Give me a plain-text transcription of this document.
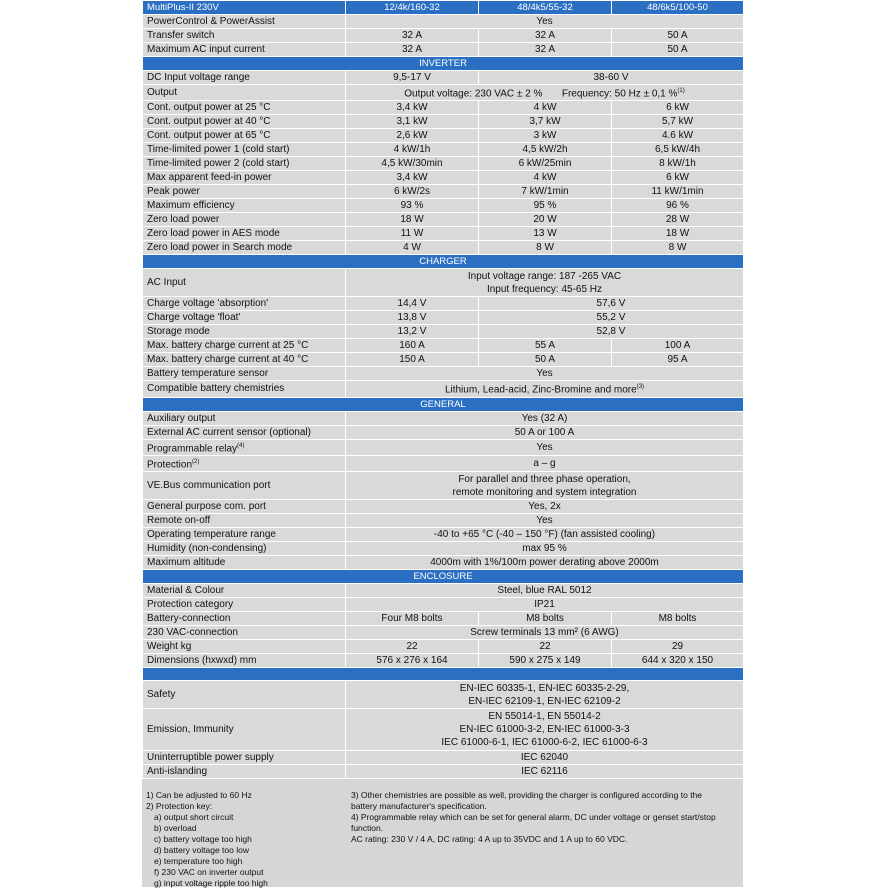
MultiPlus-II 230V	12/4k/160-32	48/4k5/55-32	48/6k5/100-50
PowerControl & PowerAssist	Yes		
Transfer switch	32 A	32 A	50 A
Maximum AC input current	32 A	32 A	50 A
INVERTER			
DC Input voltage range	9,5-17 V	38-60 V	
Output	Output voltage: 230 VAC ± 2 % Frequency: 50 Hz ± 0,1 %$^{(1)}$
Cont. output power at 25 °C	3,4 kW	4 kW	6 kW
Cont. output power at 40 °C	3,1 kW	3,7 kW	5,7 kW
Cont. output power at 65 °C	2,6 kW	3 kW	4.6 kW
Time-limited power 1 (cold start)	4 kW/1h	4,5 kW/2h	6,5 kW/4h
Time-limited power 2 (cold start)	4,5 kW/30min	6 kW/25min	8 kW/1h
Max apparent feed-in power	3,4 kW	4 kW	6 kW
Peak power	6 kW/2s	7 kW/1min	11 kW/1min
Maximum efficiency	93 %	95 %	96 %
Zero load power	18 W	20 W	28 W
Zero load power in AES mode	11 W	13 W	18 W
Zero load power in Search mode	4 W	8 W	8 W
CHARGER			
AC Input	Input voltage range: 187 -265 VAC
Input frequency: 45-65 Hz		

Charge voltage 'absorption'	14,4 V	57,6 V	
Charge voltage 'float'	13,8 V	55,2 V	
Storage mode	13,2 V	52,8 V	
Max. battery charge current at 25 °C	160 A	55 A	100 A
Max. battery charge current at 40 °C	150 A	50 A	95 A
Battery temperature sensor	Yes		
Compatible battery chemistries	Lithium, Lead-acid, Zinc-Bromine and more$^{(3)}$
GENERAL			
Auxiliary output	Yes (32 A)		
External AC current sensor (optional)	50 A or 100 A		
Programmable relay$^{(4)}$	Yes		
Protection$^{(2)}$	a – g		
VE.Bus communication port	For parallel and three phase operation,
remote monitoring and system integration		

General purpose com. port	Yes, 2x		
Remote on-off	Yes		
Operating temperature range	-40 to +65 °C (-40 – 150 °F) (fan assisted cooling)		
Humidity (non-condensing)	max 95 %		
Maximum altitude	4000m with 1%/100m power derating above 2000m		
ENCLOSURE			
Material & Colour	Steel, blue RAL 5012		
Protection category	IP21		
Battery-connection	Four M8 bolts	M8 bolts	M8 bolts
230 VAC-connection	Screw terminals 13 mm² (6 AWG)		
Weight kg	22	22	29
Dimensions (hxwxd) mm	576 x 276 x 164	590 x 275 x 149	644 x 320 x 150

Safety	EN-IEC 60335-1, EN-IEC 60335-2-29,
EN-IEC 62109-1, EN-IEC 62109-2		

Emission, Immunity	EN 55014-1, EN 55014-2
EN-IEC 61000-3-2, EN-IEC 61000-3-3
IEC 61000-6-1, IEC 61000-6-2, IEC 61000-6-3		

Uninterruptible power supply	IEC 62040		
Anti-islanding	IEC 62116		
1) Can be adjusted to 60 Hz
2) Protection key:
a) output short circuit
b) overload
c) battery voltage too high
d) battery voltage too low
e) temperature too high
f) 230 VAC on inverter output
g) input voltage ripple too high
3) Other chemistries are possible as well, providing the charger is configured according to the
battery manufacturer's specification.
4) Programmable relay which can be set for general alarm, DC under voltage or genset start/stop
function.
AC rating: 230 V / 4 A, DC rating: 4 A up to 35VDC and 1 A up to 60 VDC.
